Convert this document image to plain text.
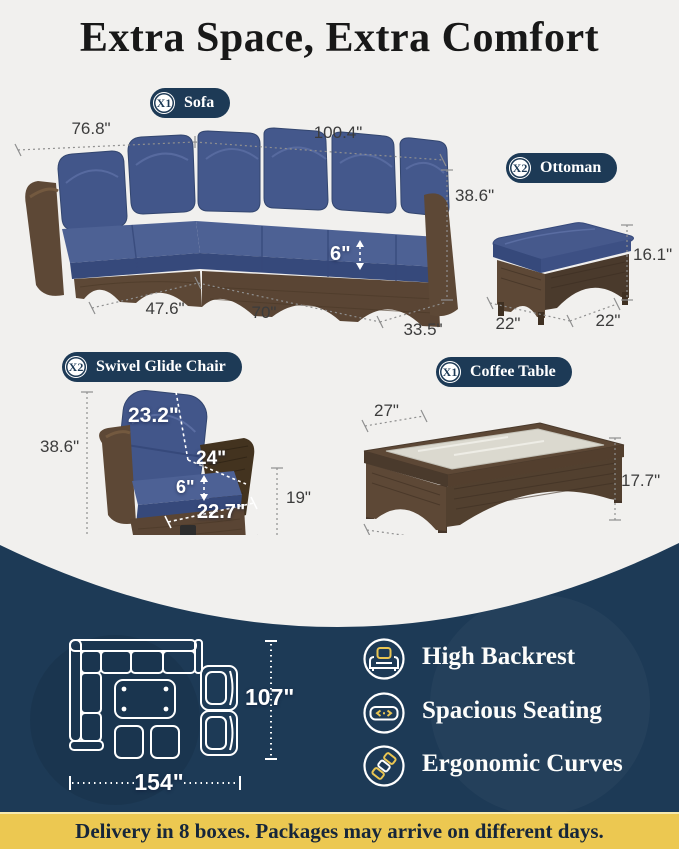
Extra Space, Extra Comfort
X1 Sofa
X2 Ottoman
X2 Swivel Glide Chair	X1 Coffee Table
76.8"	100.4"
38.6"
6"
47.6"	70"
33.5"
16.1"
22"	22"
23.2"
38.6"
24"
6"
22.7"
19"
27"
17.7"
107"
154"
High Backrest
Spacious Seating
Ergonomic Curves
Delivery in 8 boxes. Packages may arrive on different days.
